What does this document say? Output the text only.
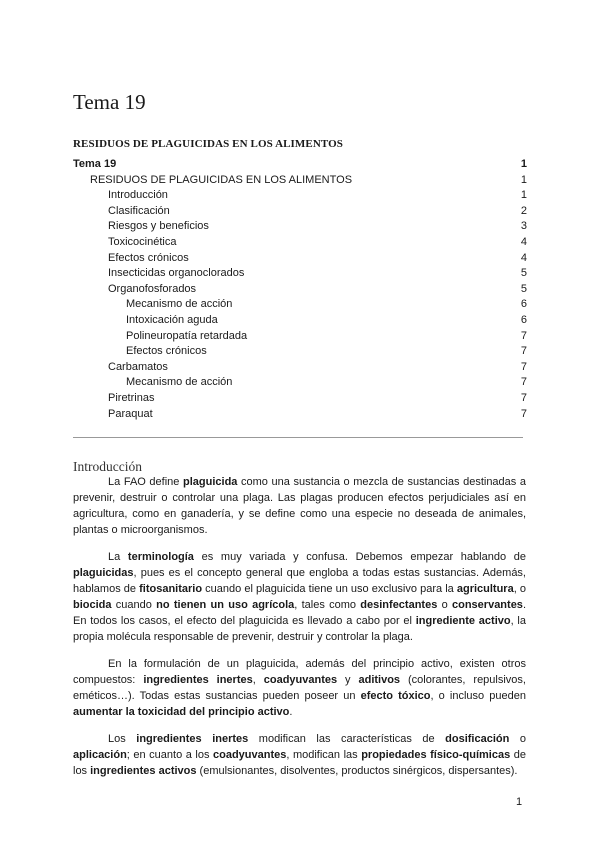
Tema 19
RESIDUOS DE PLAGUICIDAS EN LOS ALIMENTOS
Tema 19	1
RESIDUOS DE PLAGUICIDAS EN LOS ALIMENTOS	1
Introducción	1
Clasificación	2
Riesgos y beneficios	3
Toxicocinética	4
Efectos crónicos	4
Insecticidas organoclorados	5
Organofosforados	5
Mecanismo de acción	6
Intoxicación aguda	6
Polineuropatía retardada	7
Efectos crónicos	7
Carbamatos	7
Mecanismo de acción	7
Piretrinas	7
Paraquat	7
Introducción

La FAO define plaguicida como una sustancia o mezcla de sustancias destinadas a prevenir, destruir o controlar una plaga. Las plagas producen efectos perjudiciales así en agricultura, como en ganadería, y se define como una especie no deseada de animales, plantas o microorganismos.

La terminología es muy variada y confusa. Debemos empezar hablando de plaguicidas, pues es el concepto general que engloba a todas estas sustancias. Además, hablamos de fitosanitario cuando el plaguicida tiene un uso exclusivo para la agricultura, o biocida cuando no tienen un uso agrícola, tales como desinfectantes o conservantes. En todos los casos, el efecto del plaguicida es llevado a cabo por el ingrediente activo, la propia molécula responsable de prevenir, destruir y controlar la plaga.

En la formulación de un plaguicida, además del principio activo, existen otros compuestos: ingredientes inertes, coadyuvantes y aditivos (colorantes, repulsivos, eméticos…). Todas estas sustancias pueden poseer un efecto tóxico, o incluso pueden aumentar la toxicidad del principio activo.

Los ingredientes inertes modifican las características de dosificación o aplicación; en cuanto a los coadyuvantes, modifican las propiedades físico-químicas de los ingredientes activos (emulsionantes, disolventes, productos sinérgicos, dispersantes).

1
